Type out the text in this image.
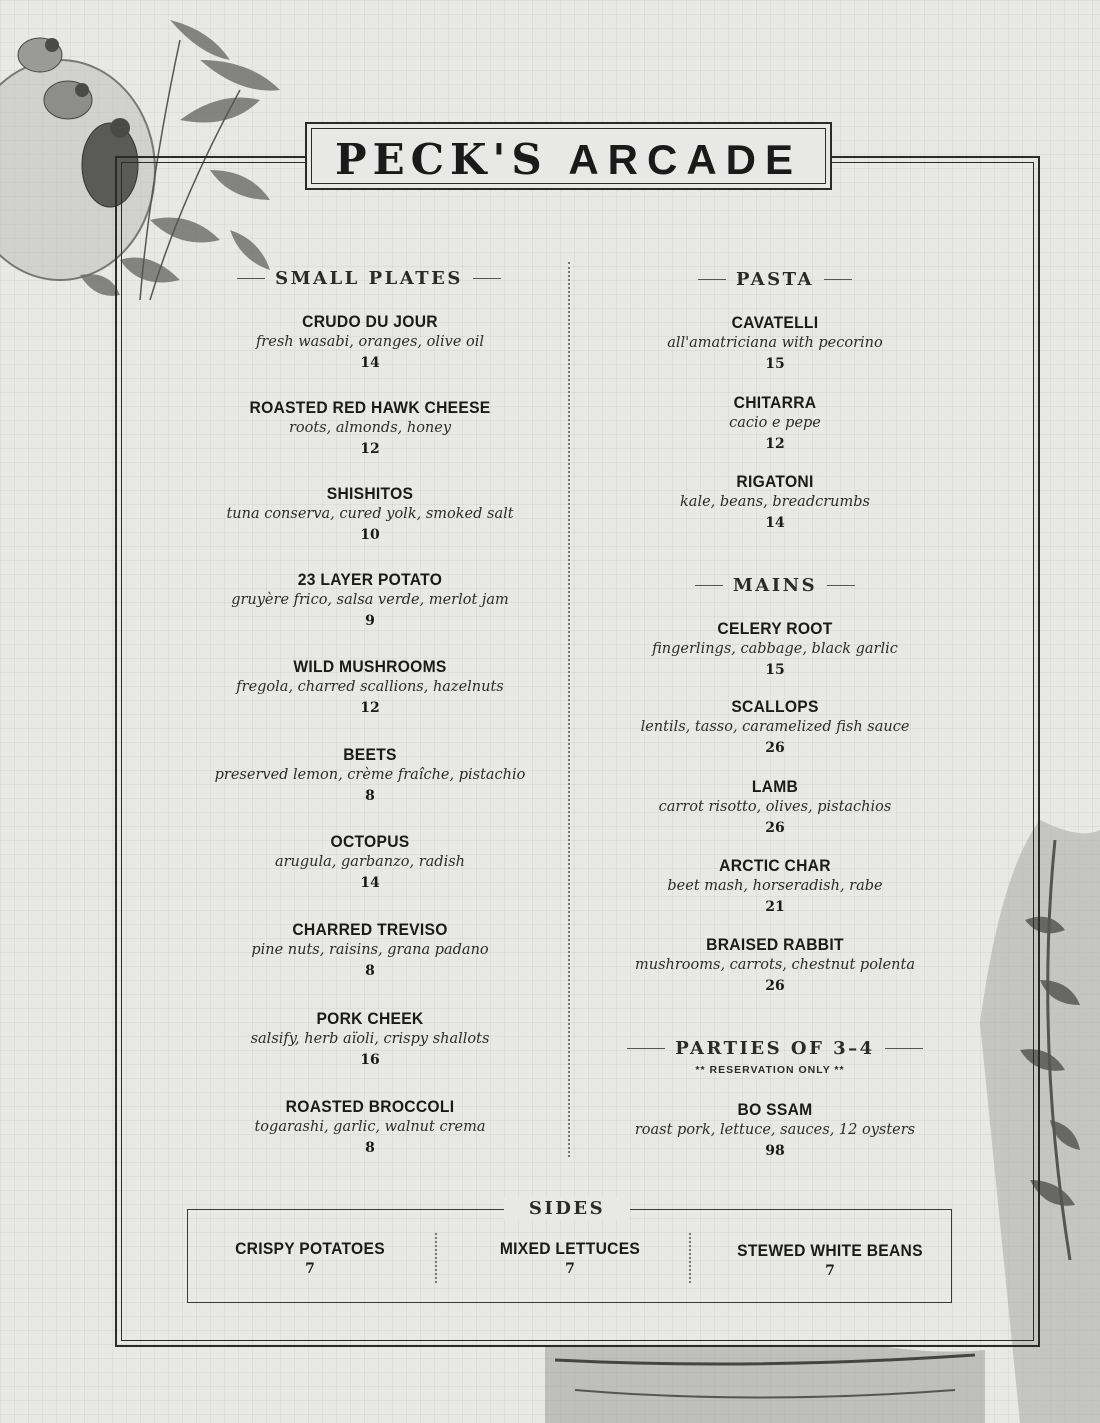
PECK'S ARCADE
SMALL PLATES	PASTA
MAINS
PARTIES OF 3–4
** RESERVATION ONLY **
CRUDO DU JOUR
fresh wasabi, oranges, olive oil
14
ROASTED RED HAWK CHEESE
roots, almonds, honey
12
SHISHITOS
tuna conserva, cured yolk, smoked salt
10
23 LAYER POTATO
gruyère frico, salsa verde, merlot jam
9
WILD MUSHROOMS
fregola, charred scallions, hazelnuts
12
BEETS
preserved lemon, crème fraîche, pistachio
8
OCTOPUS
arugula, garbanzo, radish
14
CHARRED TREVISO
pine nuts, raisins, grana padano
8
PORK CHEEK
salsify, herb aïoli, crispy shallots
16
ROASTED BROCCOLI
togarashi, garlic, walnut crema
8
CAVATELLI
all'amatriciana with pecorino
15
CHITARRA
cacio e pepe
12
RIGATONI
kale, beans, breadcrumbs
14
CELERY ROOT
fingerlings, cabbage, black garlic
15
SCALLOPS
lentils, tasso, caramelized fish sauce
26
LAMB
carrot risotto, olives, pistachios
26
ARCTIC CHAR
beet mash, horseradish, rabe
21
BRAISED RABBIT
mushrooms, carrots, chestnut polenta
26
BO SSAM
roast pork, lettuce, sauces, 12 oysters
98
SIDES
CRISPY POTATOES
7
MIXED LETTUCES
7
STEWED WHITE BEANS
7
